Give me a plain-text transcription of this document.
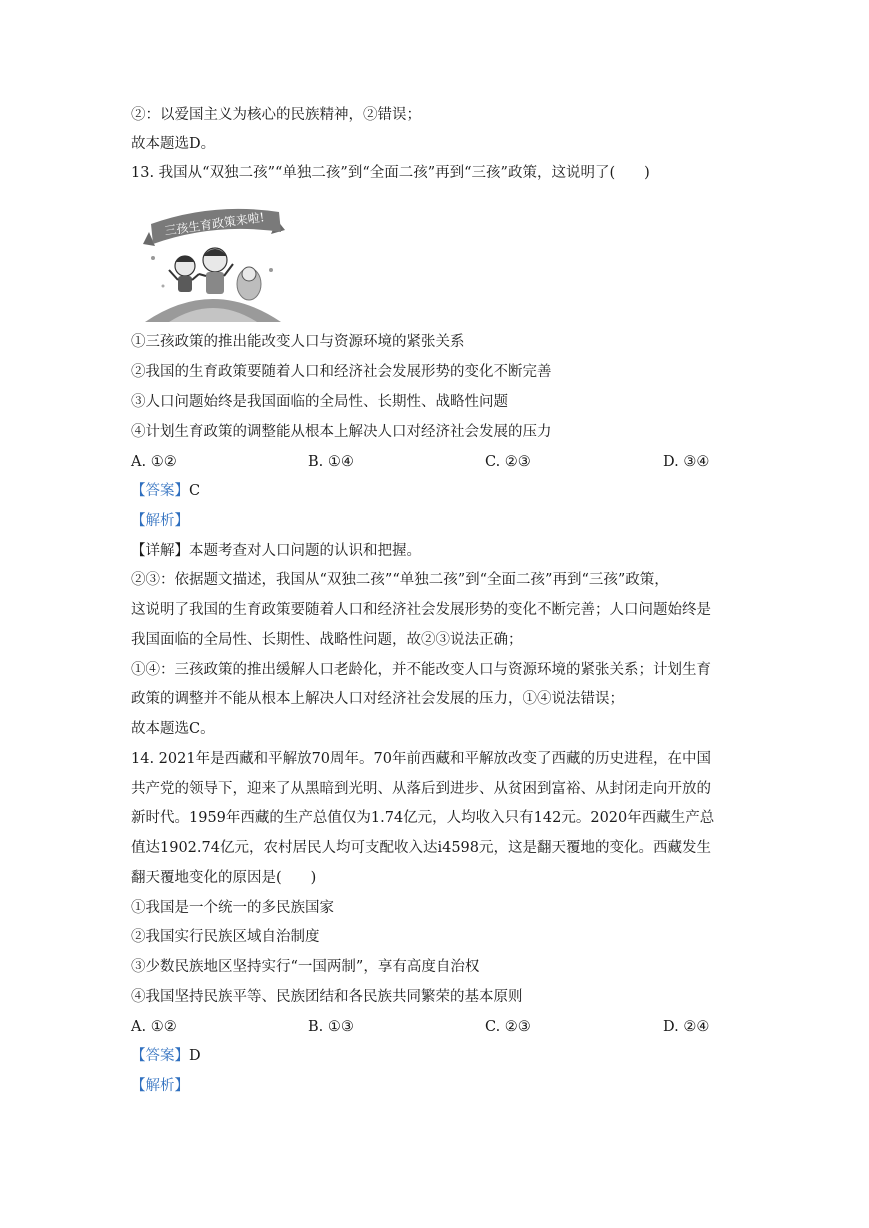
②：以爱国主义为核心的民族精神，②错误；
故本题选D。
13. 我国从“双独二孩”“单独二孩”到“全面二孩”再到“三孩”政策，这说明了(　　)
三孩生育政策来啦!
①三孩政策的推出能改变人口与资源环境的紧张关系
②我国的生育政策要随着人口和经济社会发展形势的变化不断完善
③人口问题始终是我国面临的全局性、长期性、战略性问题
④计划生育政策的调整能从根本上解决人口对经济社会发展的压力
A. ①②	B. ①④	C. ②③	D. ③④
【答案】C
【解析】
【详解】本题考查对人口问题的认识和把握。
②③：依据题文描述，我国从“双独二孩”“单独二孩”到“全面二孩”再到“三孩”政策，
这说明了我国的生育政策要随着人口和经济社会发展形势的变化不断完善；人口问题始终是
我国面临的全局性、长期性、战略性问题，故②③说法正确；
①④：三孩政策的推出缓解人口老龄化，并不能改变人口与资源环境的紧张关系；计划生育
政策的调整并不能从根本上解决人口对经济社会发展的压力，①④说法错误；
故本题选C。
14. 2021年是西藏和平解放70周年。70年前西藏和平解放改变了西藏的历史进程，在中国
共产党的领导下，迎来了从黑暗到光明、从落后到进步、从贫困到富裕、从封闭走向开放的
新时代。1959年西藏的生产总值仅为1.74亿元，人均收入只有142元。2020年西藏生产总
值达1902.74亿元，农村居民人均可支配收入达i4598元，这是翻天覆地的变化。西藏发生
翻天覆地变化的原因是(　　)
①我国是一个统一的多民族国家
②我国实行民族区域自治制度
③少数民族地区坚持实行“一国两制”，享有高度自治权
④我国坚持民族平等、民族团结和各民族共同繁荣的基本原则
A. ①②	B. ①③	C. ②③	D. ②④
【答案】D
【解析】
